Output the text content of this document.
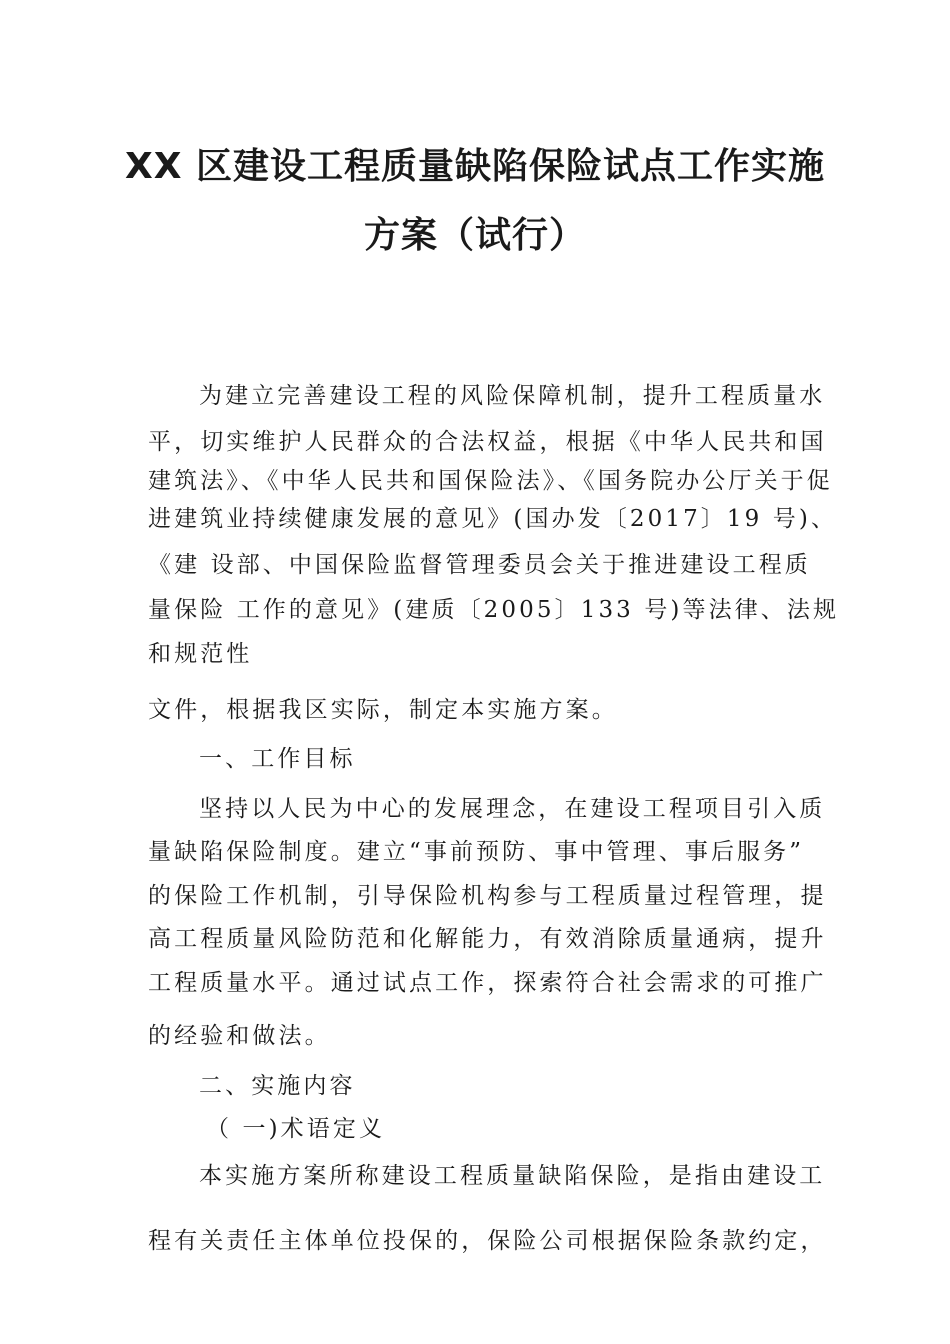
XX 区建设工程质量缺陷保险试点工作实施
方案（试行）
为建立完善建设工程的风险保障机制，提升工程质量水
平，切实维护人民群众的合法权益，根据《中华人民共和国
建筑法》、《中华人民共和国保险法》、《国务院办公厅关于促
进建筑业持续健康发展的意见》(国办发〔2017〕19 号)、
《建 设部、中国保险监督管理委员会关于推进建设工程质
量保险 工作的意见》(建质〔2005〕133 号)等法律、法规
和规范性
文件，根据我区实际，制定本实施方案。
一、工作目标
坚持以人民为中心的发展理念，在建设工程项目引入质
量缺陷保险制度。建立“事前预防、事中管理、事后服务”
的保险工作机制，引导保险机构参与工程质量过程管理，提
高工程质量风险防范和化解能力，有效消除质量通病，提升
工程质量水平。通过试点工作，探索符合社会需求的可推广
的经验和做法。
二、实施内容
（ 一)术语定义
本实施方案所称建设工程质量缺陷保险，是指由建设工
程有关责任主体单位投保的，保险公司根据保险条款约定，
